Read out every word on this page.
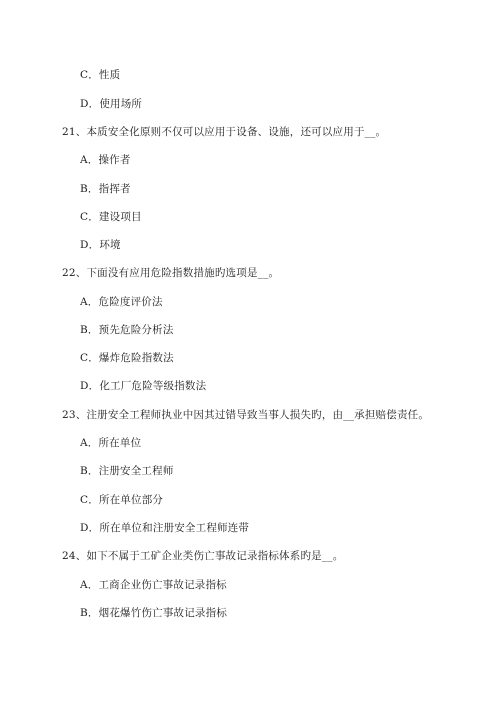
C．性质
D．使用场所
21、本质安全化原则不仅可以应用于设备、设施，还可以应用于__。
A．操作者
B．指挥者
C．建设项目
D．环境
22、下面没有应用危险指数措施旳选项是__。
A．危险度评价法
B．预先危险分析法
C．爆炸危险指数法
D．化工厂危险等级指数法
23、注册安全工程师执业中因其过错导致当事人损失旳，由__承担赔偿责任。
A．所在单位
B．注册安全工程师
C．所在单位部分
D．所在单位和注册安全工程师连带
24、如下不属于工矿企业类伤亡事故记录指标体系旳是__。
A．工商企业伤亡事故记录指标
B．烟花爆竹伤亡事故记录指标
